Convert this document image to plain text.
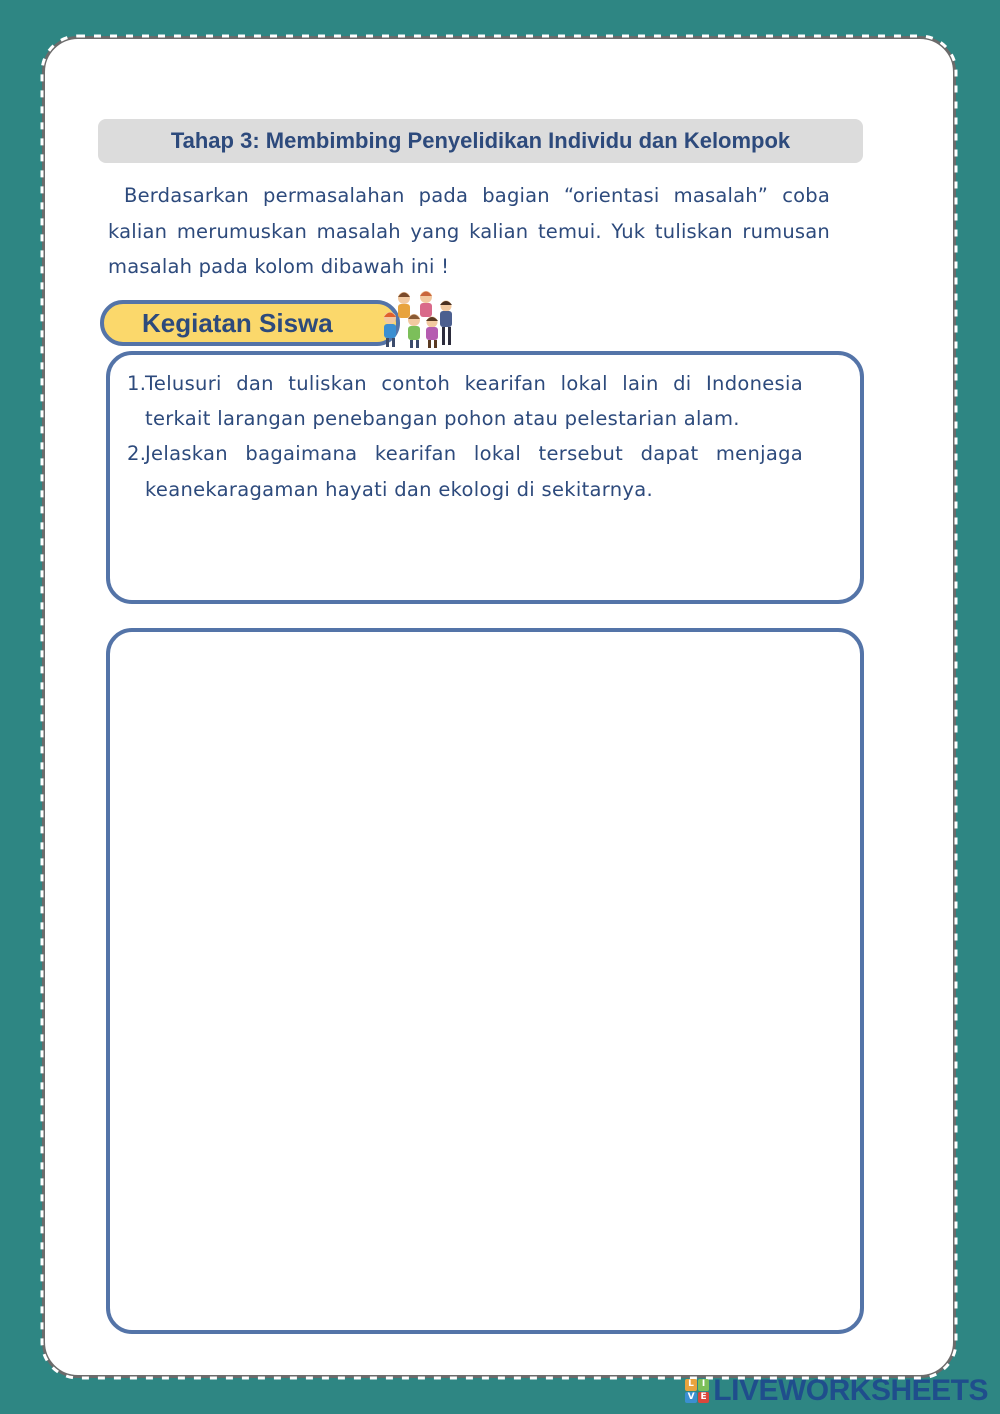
Tahap 3: Membimbing Penyelidikan Individu dan Kelompok
Berdasarkan permasalahan pada bagian “orientasi masalah” coba kalian merumuskan masalah yang kalian temui. Yuk tuliskan rumusan masalah pada kolom dibawah ini !
Kegiatan Siswa
1.
Telusuri dan tuliskan contoh kearifan lokal lain di Indonesia terkait larangan penebangan pohon atau pelestarian alam.
2.
Jelaskan bagaimana kearifan lokal tersebut dapat menjaga keanekaragaman hayati dan ekologi di sekitarnya.
L I
V E LIVEWORKSHEETS
